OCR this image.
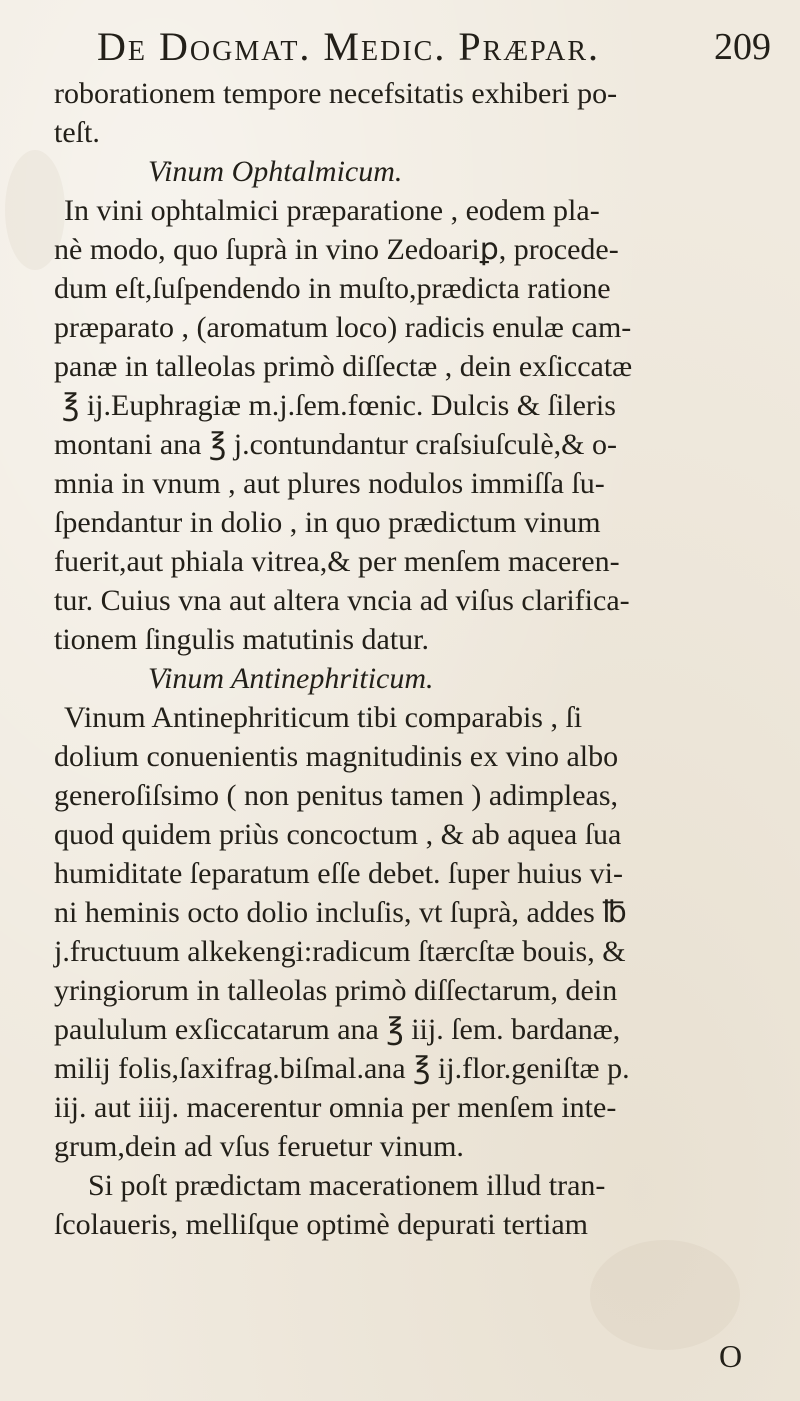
De Dogmat. Medic. Præpar.	209
roborationem tempore necefsitatis exhiberi po-
teſt.
Vinum Ophtalmicum.
In vini ophtalmici præparatione , eodem pla-
nè modo, quo ſuprà in vino Zedoariꝑ, procede-
dum eſt,ſuſpendendo in muſto,prædicta ratione
præparato , (aromatum loco) radicis enulæ cam-
panæ in talleolas primò diſſectæ , dein exſiccatæ
℥ ij.Euphragiæ m.j.ſem.fœnic. Dulcis & ſileris
montani ana ℥ j.contundantur craſsiuſculè,& o-
mnia in vnum , aut plures nodulos immiſſa ſu-
ſpendantur in dolio , in quo prædictum vinum
fuerit,aut phiala vitrea,& per menſem maceren-
tur. Cuius vna aut altera vncia ad viſus clarifica-
tionem ſingulis matutinis datur.
Vinum Antinephriticum.
Vinum Antinephriticum tibi comparabis , ſi
dolium conuenientis magnitudinis ex vino albo
generoſiſsimo ( non penitus tamen ) adimpleas,
quod quidem priùs concoctum , & ab aquea ſua
humiditate ſeparatum eſſe debet. ſuper huius vi-
ni heminis octo dolio incluſis, vt ſuprà, addes ℔
j.fructuum alkekengi:radicum ſtærcſtæ bouis, &
yringiorum in talleolas primò diſſectarum, dein
paululum exſiccatarum ana ℥ iij. ſem. bardanæ,
milij folis,ſaxifrag.biſmal.ana ℥ ij.flor.geniſtæ p.
iij. aut iiij. macerentur omnia per menſem inte-
grum,dein ad vſus feruetur vinum.
Si poſt prædictam macerationem illud tran-
ſcolaueris, melliſque optimè depurati tertiam
O
